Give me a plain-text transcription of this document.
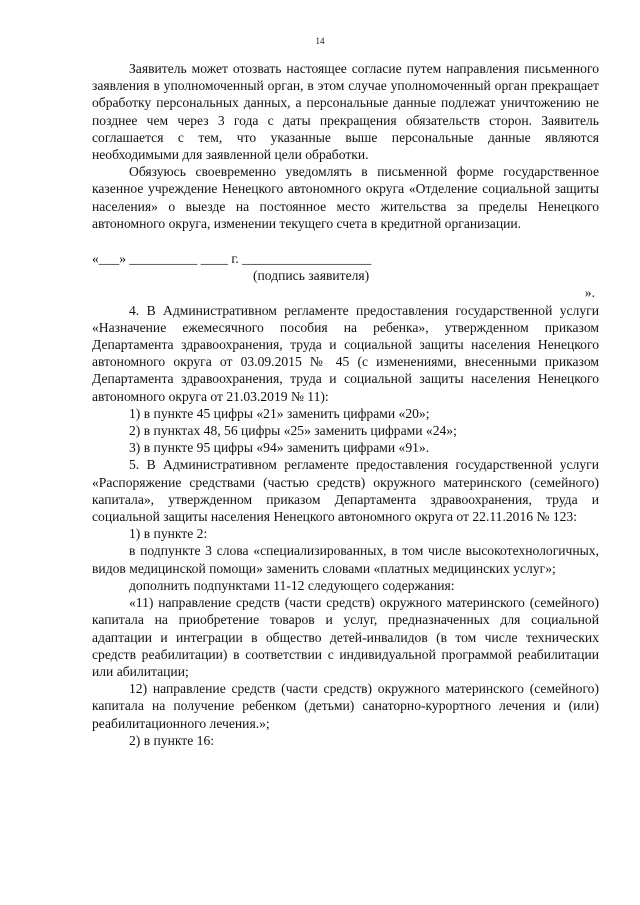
14

Заявитель может отозвать настоящее согласие путем направления письменного заявления в уполномоченный орган, в этом случае уполномоченный орган прекращает обработку персональных данных, а персональные данные подлежат уничтожению не позднее чем через 3 года с даты прекращения обязательств сторон. Заявитель соглашается с тем, что указанные выше персональные данные являются необходимыми для заявленной цели обработки.

Обязуюсь своевременно уведомлять в письменной форме государственное казенное учреждение Ненецкого автономного округа «Отделение социальной защиты населения» о выезде на постоянное место жительства за пределы Ненецкого автономного округа, изменении текущего счета в кредитной организации.

«___» __________ ____ г. ___________________

(подпись заявителя)

».

4. В Административном регламенте предоставления государственной услуги «Назначение ежемесячного пособия на ребенка», утвержденном приказом Департамента здравоохранения, труда и социальной защиты населения Ненецкого автономного округа от 03.09.2015 № 45 (с изменениями, внесенными приказом Департамента здравоохранения, труда и социальной защиты населения Ненецкого автономного округа от 21.03.2019 № 11):

1) в пункте 45 цифры «21» заменить цифрами «20»;

2) в пунктах 48, 56 цифры «25» заменить цифрами «24»;

3) в пункте 95 цифры «94» заменить цифрами «91».

5. В Административном регламенте предоставления государственной услуги «Распоряжение средствами (частью средств) окружного материнского (семейного) капитала», утвержденном приказом Департамента здравоохранения, труда и социальной защиты населения Ненецкого автономного округа от 22.11.2016 № 123:

1) в пункте 2:

в подпункте 3 слова «специализированных, в том числе высокотехнологичных, видов медицинской помощи» заменить словами «платных медицинских услуг»;

дополнить подпунктами 11-12 следующего содержания:

«11) направление средств (части средств) окружного материнского (семейного) капитала на приобретение товаров и услуг, предназначенных для социальной адаптации и интеграции в общество детей-инвалидов (в том числе технических средств реабилитации) в соответствии с индивидуальной программой реабилитации или абилитации;

12) направление средств (части средств) окружного материнского (семейного) капитала на получение ребенком (детьми) санаторно-курортного лечения и (или) реабилитационного лечения.»;

2) в пункте 16:
